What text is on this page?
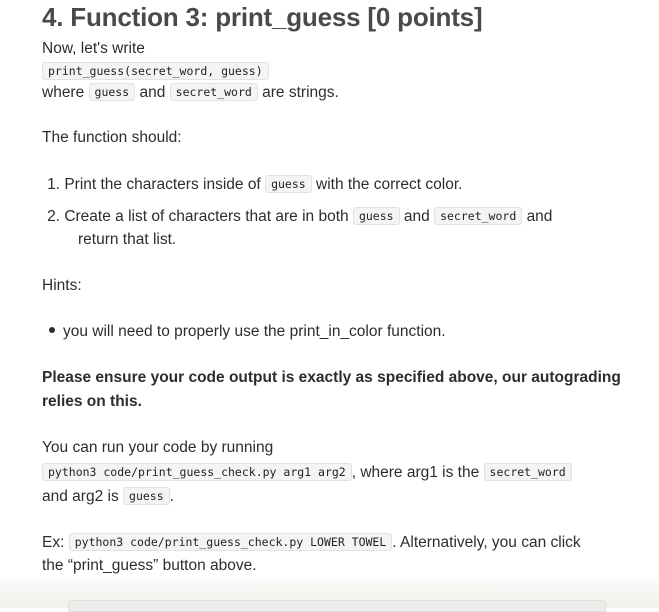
4. Function 3: print_guess [0 points]
Now, let's write
print_guess(secret_word, guess)
where guess and secret_word are strings.
The function should:
1. Print the characters inside of guess with the correct color.
2. Create a list of characters that are in both guess and secret_word and
return that list.
Hints:
you will need to properly use the print_in_color function.
Please ensure your code output is exactly as specified above, our autograding
relies on this.
You can run your code by running
python3 code/print_guess_check.py arg1 arg2 , where arg1 is the secret_word
and arg2 is guess .
Ex: python3 code/print_guess_check.py LOWER TOWEL . Alternatively, you can click
the “print_guess” button above.
